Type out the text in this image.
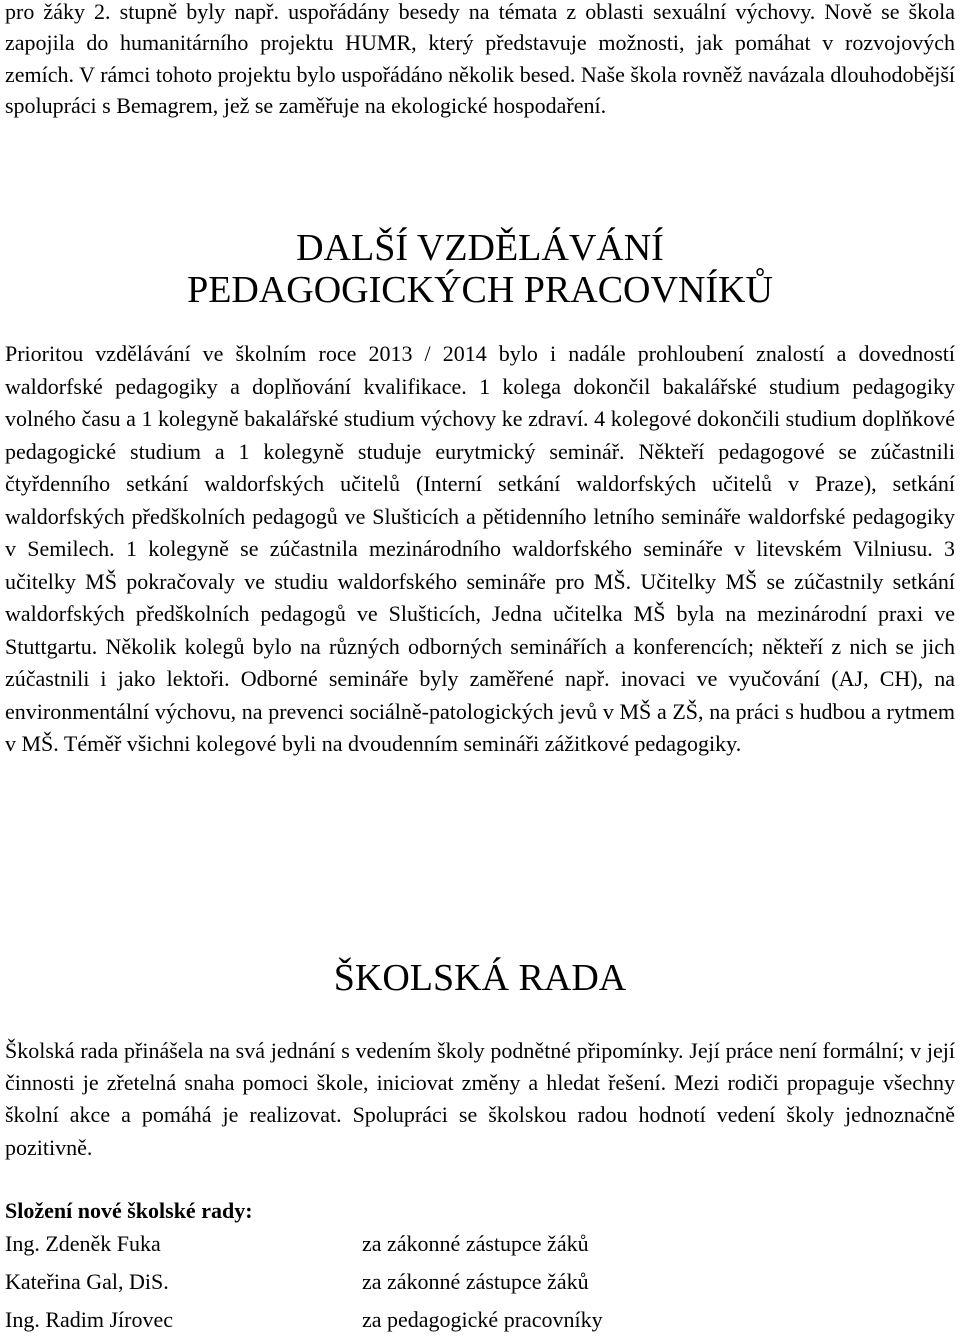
pro žáky 2. stupně byly např. uspořádány besedy na témata z oblasti sexuální výchovy. Nově se škola zapojila do humanitárního projektu HUMR, který představuje možnosti, jak pomáhat v rozvojových zemích. V rámci tohoto projektu bylo uspořádáno několik besed. Naše škola rovněž navázala dlouhodobější spolupráci s Bemagrem, jež se zaměřuje na ekologické hospodaření.

DALŠÍ VZDĚLÁVÁNÍ
PEDAGOGICKÝCH PRACOVNÍKŮ

Prioritou vzdělávání ve školním roce 2013 / 2014 bylo i nadále prohloubení znalostí a dovedností waldorfské pedagogiky a doplňování kvalifikace. 1 kolega dokončil bakalářské studium pedagogiky volného času a 1 kolegyně bakalářské studium výchovy ke zdraví. 4 kolegové dokončili studium doplňkové pedagogické studium a 1 kolegyně studuje eurytmický seminář. Někteří pedagogové se zúčastnili čtyřdenního setkání waldorfských učitelů (Interní setkání waldorfských učitelů v Praze), setkání waldorfských předškolních pedagogů ve Slušticích a pětidenního letního semináře waldorfské pedagogiky v Semilech. 1 kolegyně se zúčastnila mezinárodního waldorfského semináře v litevském Vilniusu. 3 učitelky MŠ pokračovaly ve studiu waldorfského semináře pro MŠ. Učitelky MŠ se zúčastnily setkání waldorfských předškolních pedagogů ve Slušticích, Jedna učitelka MŠ byla na mezinárodní praxi ve Stuttgartu. Několik kolegů bylo na různých odborných seminářích a konferencích; někteří z nich se jich zúčastnili i jako lektoři. Odborné semináře byly zaměřené např. inovaci ve vyučování (AJ, CH), na environmentální výchovu, na prevenci sociálně-patologických jevů v MŠ a ZŠ, na práci s hudbou a rytmem v MŠ. Téměř všichni kolegové byli na dvoudenním semináři zážitkové pedagogiky.

ŠKOLSKÁ RADA

Školská rada přinášela na svá jednání s vedením školy podnětné připomínky. Její práce není formální; v její činnosti je zřetelná snaha pomoci škole, iniciovat změny a hledat řešení. Mezi rodiči propaguje všechny školní akce a pomáhá je realizovat. Spolupráci se školskou radou hodnotí vedení školy jednoznačně pozitivně.

Složení nové školské rady:

Ing. Zdeněk Fuka	za zákonné zástupce žáků
Kateřina Gal, DiS.	za zákonné zástupce žáků
Ing. Radim Jírovec	za pedagogické pracovníky
